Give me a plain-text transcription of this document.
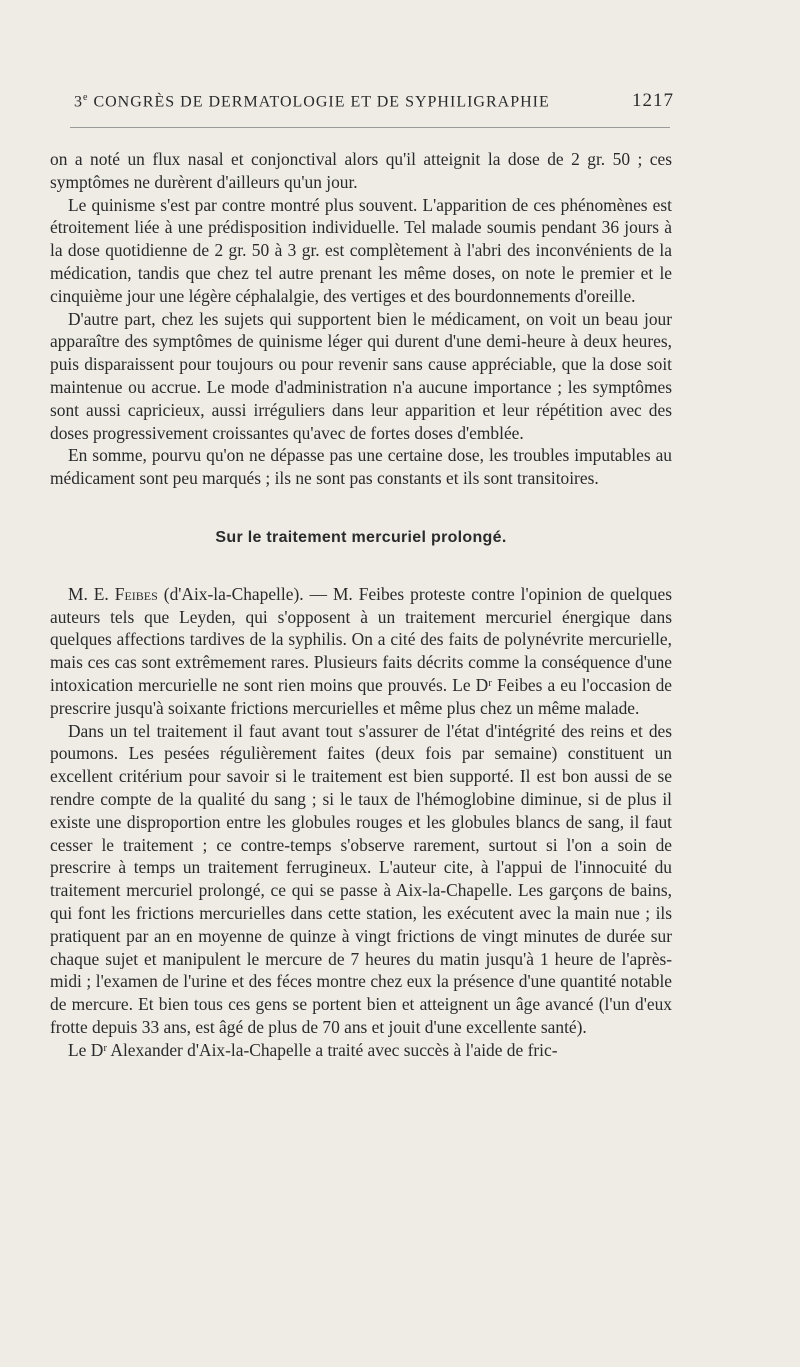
3e CONGRÈS DE DERMATOLOGIE ET DE SYPHILIGRAPHIE	1217

on a noté un flux nasal et conjonctival alors qu'il atteignit la dose de 2 gr. 50 ; ces symptômes ne durèrent d'ailleurs qu'un jour.

Le quinisme s'est par contre montré plus souvent. L'apparition de ces phénomènes est étroitement liée à une prédisposition individuelle. Tel malade soumis pendant 36 jours à la dose quotidienne de 2 gr. 50 à 3 gr. est complètement à l'abri des inconvénients de la médication, tandis que chez tel autre prenant les même doses, on note le premier et le cinquième jour une légère céphalalgie, des vertiges et des bourdonnements d'oreille.

D'autre part, chez les sujets qui supportent bien le médicament, on voit un beau jour apparaître des symptômes de quinisme léger qui durent d'une demi-heure à deux heures, puis disparaissent pour toujours ou pour revenir sans cause appréciable, que la dose soit maintenue ou accrue. Le mode d'administration n'a aucune importance ; les symptômes sont aussi capricieux, aussi irréguliers dans leur apparition et leur répétition avec des doses progressivement croissantes qu'avec de fortes doses d'emblée.

En somme, pourvu qu'on ne dépasse pas une certaine dose, les troubles imputables au médicament sont peu marqués ; ils ne sont pas constants et ils sont transitoires.

Sur le traitement mercuriel prolongé.

M. E. Feibes (d'Aix-la-Chapelle). — M. Feibes proteste contre l'opinion de quelques auteurs tels que Leyden, qui s'opposent à un traitement mercuriel énergique dans quelques affections tardives de la syphilis. On a cité des faits de polynévrite mercurielle, mais ces cas sont extrêmement rares. Plusieurs faits décrits comme la conséquence d'une intoxication mercurielle ne sont rien moins que prouvés. Le Dʳ Feibes a eu l'occasion de prescrire jusqu'à soixante frictions mercurielles et même plus chez un même malade.

Dans un tel traitement il faut avant tout s'assurer de l'état d'intégrité des reins et des poumons. Les pesées régulièrement faites (deux fois par semaine) constituent un excellent critérium pour savoir si le traitement est bien supporté. Il est bon aussi de se rendre compte de la qualité du sang ; si le taux de l'hémoglobine diminue, si de plus il existe une disproportion entre les globules rouges et les globules blancs de sang, il faut cesser le traitement ; ce contre-temps s'observe rarement, surtout si l'on a soin de prescrire à temps un traitement ferrugineux. L'auteur cite, à l'appui de l'innocuité du traitement mercuriel prolongé, ce qui se passe à Aix-la-Chapelle. Les garçons de bains, qui font les frictions mercurielles dans cette station, les exécutent avec la main nue ; ils pratiquent par an en moyenne de quinze à vingt frictions de vingt minutes de durée sur chaque sujet et manipulent le mercure de 7 heures du matin jusqu'à 1 heure de l'après-midi ; l'examen de l'urine et des féces montre chez eux la présence d'une quantité notable de mercure. Et bien tous ces gens se portent bien et atteignent un âge avancé (l'un d'eux frotte depuis 33 ans, est âgé de plus de 70 ans et jouit d'une excellente santé).

Le Dʳ Alexander d'Aix-la-Chapelle a traité avec succès à l'aide de fric-
